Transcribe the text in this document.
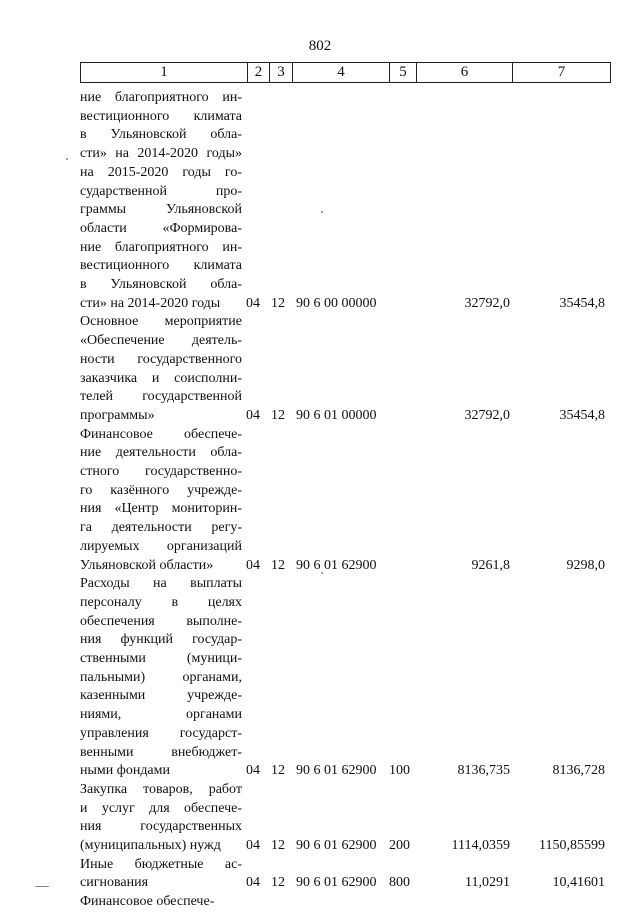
802
1	2	3	4	5	6	7
ние благоприятного ин-
вестиционного климата
в Ульяновской обла-
сти» на 2014-2020 годы»
на 2015-2020 годы го-
сударственной про-
граммы Ульяновской
области «Формирова-
ние благоприятного ин-
вестиционного климата
в Ульяновской обла-
сти» на 2014-2020 годы	04 12 90 6 00 00000	32792,0	35454,8
Основное мероприятие
«Обеспечение деятель-
ности государственного
заказчика и соисполни-
телей государственной
программы»	04 12 90 6 01 00000	32792,0	35454,8
Финансовое обеспече-
ние деятельности обла-
стного государственно-
го казённого учрежде-
ния «Центр мониторин-
га деятельности регу-
лируемых организаций
Ульяновской области»	04 12 90 6 01 62900	9261,8	9298,0
Расходы на выплаты
персоналу в целях
обеспечения выполне-
ния функций государ-
ственными (муници-
пальными) органами,
казенными учрежде-
ниями, органами
управления государст-
венными внебюджет-
ными фондами	04 12 90 6 01 62900 100	8136,735	8136,728
Закупка товаров, работ
и услуг для обеспече-
ния государственных
(муниципальных) нужд	04 12 90 6 01 62900 200	1114,0359 1150,85599
Иные бюджетные ас-
сигнования	04 12 90 6 01 62900 800	11,0291	10,41601
Финансовое обеспече-
